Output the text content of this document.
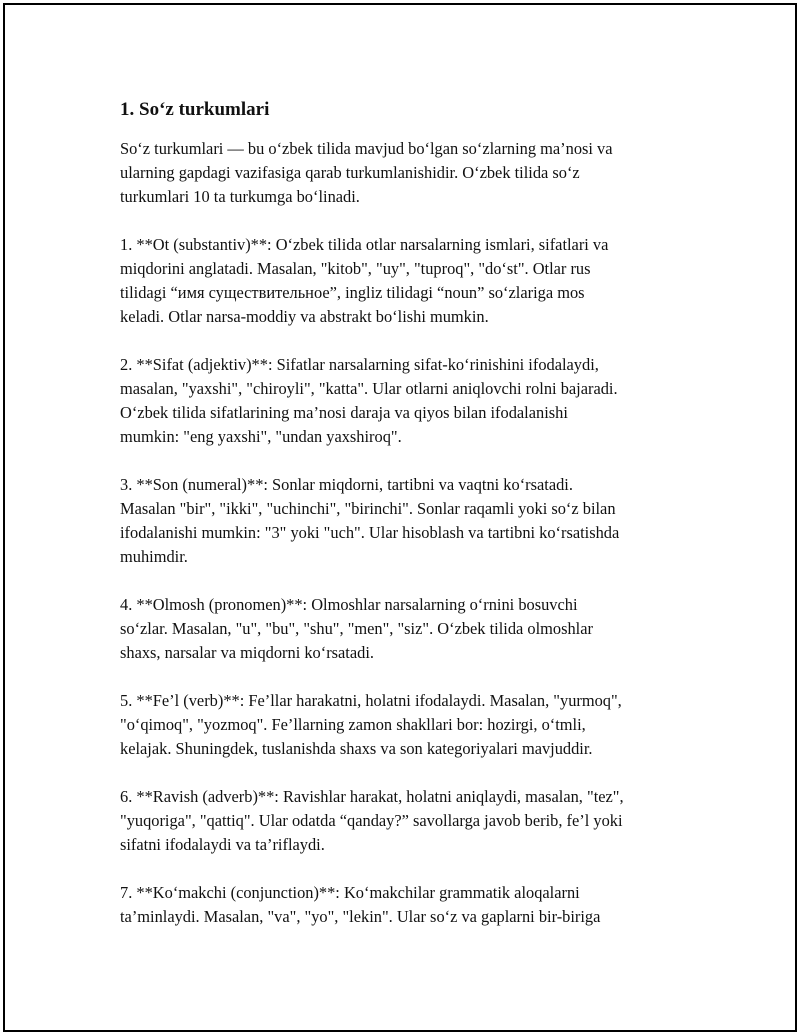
1. So‘z turkumlari
So‘z turkumlari — bu o‘zbek tilida mavjud bo‘lgan so‘zlarning ma’nosi va
ularning gapdagi vazifasiga qarab turkumlanishidir. O‘zbek tilida so‘z
turkumlari 10 ta turkumga bo‘linadi.
1. **Ot (substantiv)**: O‘zbek tilida otlar narsalarning ismlari, sifatlari va
miqdorini anglatadi. Masalan, "kitob", "uy", "tuproq", "do‘st". Otlar rus
tilidagi “имя существительное”, ingliz tilidagi “noun” so‘zlariga mos
keladi. Otlar narsa-moddiy va abstrakt bo‘lishi mumkin.
2. **Sifat (adjektiv)**: Sifatlar narsalarning sifat-ko‘rinishini ifodalaydi,
masalan, "yaxshi", "chiroyli", "katta". Ular otlarni aniqlovchi rolni bajaradi.
O‘zbek tilida sifatlarining ma’nosi daraja va qiyos bilan ifodalanishi
mumkin: "eng yaxshi", "undan yaxshiroq".
3. **Son (numeral)**: Sonlar miqdorni, tartibni va vaqtni ko‘rsatadi.
Masalan "bir", "ikki", "uchinchi", "birinchi". Sonlar raqamli yoki so‘z bilan
ifodalanishi mumkin: "3" yoki "uch". Ular hisoblash va tartibni ko‘rsatishda
muhimdir.
4. **Olmosh (pronomen)**: Olmoshlar narsalarning o‘rnini bosuvchi
so‘zlar. Masalan, "u", "bu", "shu", "men", "siz". O‘zbek tilida olmoshlar
shaxs, narsalar va miqdorni ko‘rsatadi.
5. **Fe’l (verb)**: Fe’llar harakatni, holatni ifodalaydi. Masalan, "yurmoq",
"o‘qimoq", "yozmoq". Fe’llarning zamon shakllari bor: hozirgi, o‘tmli,
kelajak. Shuningdek, tuslanishda shaxs va son kategoriyalari mavjuddir.
6. **Ravish (adverb)**: Ravishlar harakat, holatni aniqlaydi, masalan, "tez",
"yuqoriga", "qattiq". Ular odatda “qanday?” savollarga javob berib, fe’l yoki
sifatni ifodalaydi va ta’riflaydi.
7. **Ko‘makchi (conjunction)**: Ko‘makchilar grammatik aloqalarni
ta’minlaydi. Masalan, "va", "yo", "lekin". Ular so‘z va gaplarni bir-biriga
